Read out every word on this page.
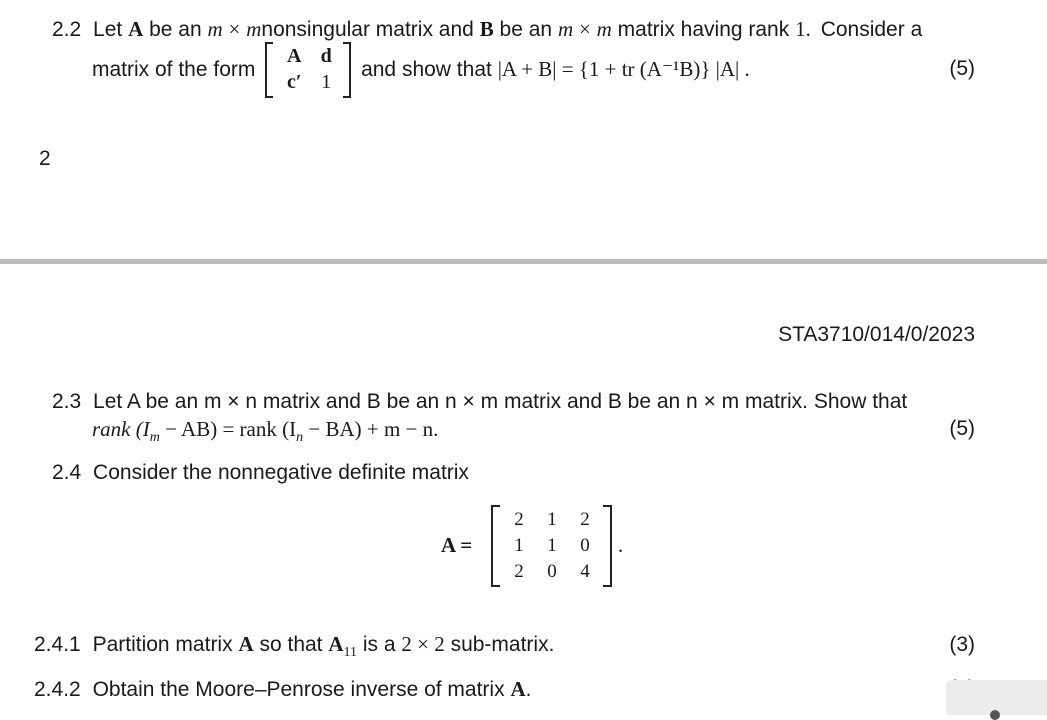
2.2 Let A be an m × mnonsingular matrix and B be an m × m matrix having rank 1. Consider a
matrix of the form
A d
c′ 1
and show that |A + B| = {1 + tr (A⁻¹B)} |A| .	(5)
2
STA3710/014/0/2023
2.3 Let A be an m × n matrix and B be an n × m matrix and B be an n × m matrix. Show that
rank $(I_m - AB)$ = rank $(I_n - BA) + m - n$.	(5)
2.4 Consider the nonnegative definite matrix
A =
2	1	2
1	1	0
2	0	4
.
2.4.1 Partition matrix A so that $A_{11}$ is a 2 × 2 sub-matrix.	(3)
2.4.2 Obtain the Moore–Penrose inverse of matrix A.
